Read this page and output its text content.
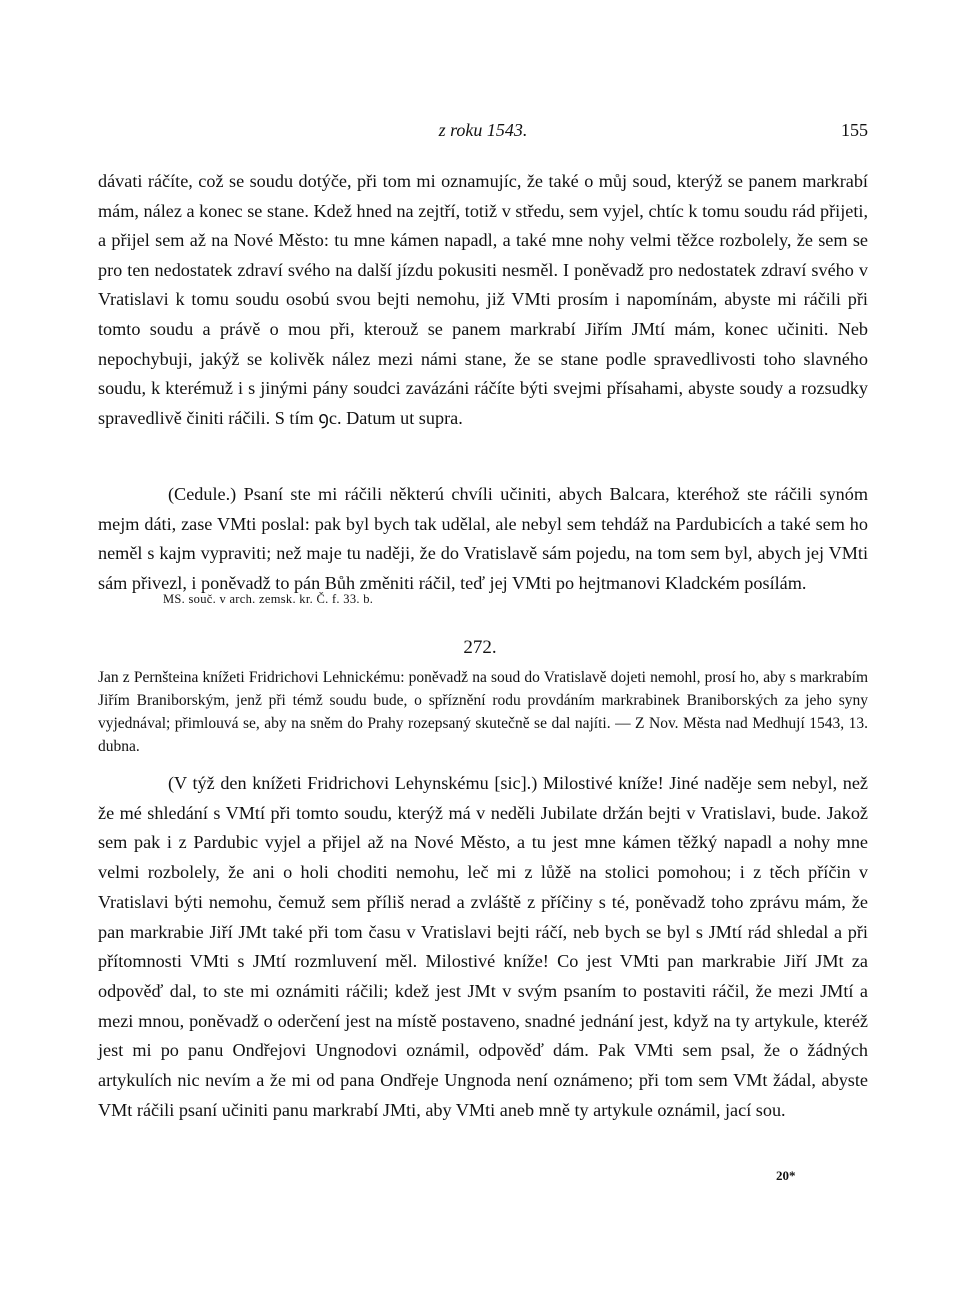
z roku 1543.	155

dávati ráčíte, což se soudu dotýče, při tom mi oznamujíc, že také o můj soud, kterýž se panem markrabí mám, nález a konec se stane. Kdež hned na zejtří, totiž v středu, sem vyjel, chtíc k tomu soudu rád přijeti, a přijel sem až na Nové Město: tu mne kámen napadl, a také mne nohy velmi těžce rozbolely, že sem se pro ten nedostatek zdraví svého na další jízdu pokusiti nesměl. I poněvadž pro nedostatek zdraví svého v Vratislavi k tomu soudu osobú svou bejti nemohu, již VMti prosím i napomínám, abyste mi ráčili při tomto soudu a právě o mou při, kterouž se panem markrabí Jiřím JMtí mám, konec učiniti. Neb nepochybuji, jakýž se kolivěk nález mezi námi stane, že se stane podle spravedlivosti toho slavného soudu, k kterémuž i s jinými pány soudci zavázáni ráčíte býti svejmi přísahami, abyste soudy a rozsudky spravedlivě činiti ráčili. S tím ꝯc. Datum ut supra.

(Cedule.) Psaní ste mi ráčili některú chvíli učiniti, abych Balcara, kteréhož ste ráčili synóm mejm dáti, zase VMti poslal: pak byl bych tak udělal, ale nebyl sem tehdáž na Pardubicích a také sem ho neměl s kajm vypraviti; než maje tu naději, že do Vratislavě sám pojedu, na tom sem byl, abych jej VMti sám přivezl, i poněvadž to pán Bůh změniti ráčil, teď jej VMti po hejtmanovi Kladckém posílám.

MS. souč. v arch. zemsk. kr. Č. f. 33. b.
272.

Jan z Pernšteina knížeti Fridrichovi Lehnickému: poněvadž na soud do Vratislavě dojeti nemohl, prosí ho, aby s markrabím Jiřím Braniborským, jenž při témž soudu bude, o spříznění rodu provdáním markrabinek Braniborských za jeho syny vyjednával; přimlouvá se, aby na sněm do Prahy rozepsaný skutečně se dal najíti. — Z Nov. Města nad Medhují 1543, 13. dubna.

(V týž den knížeti Fridrichovi Lehynskému [sic].) Milostivé kníže! Jiné naděje sem nebyl, než že mé shledání s VMtí při tomto soudu, kterýž má v neděli Jubilate držán bejti v Vratislavi, bude. Jakož sem pak i z Pardubic vyjel a přijel až na Nové Město, a tu jest mne kámen těžký napadl a nohy mne velmi rozbolely, že ani o holi choditi nemohu, leč mi z lůžě na stolici pomohou; i z těch příčin v Vratislavi býti nemohu, čemuž sem příliš nerad a zvláště z příčiny s té, poněvadž toho zprávu mám, že pan markrabie Jiří JMt také při tom času v Vratislavi bejti ráčí, neb bych se byl s JMtí rád shledal a při přítomnosti VMti s JMtí rozmluvení měl. Milostivé kníže! Co jest VMti pan markrabie Jiří JMt za odpověď dal, to ste mi oznámiti ráčili; kdež jest JMt v svým psaním to postaviti ráčil, že mezi JMtí a mezi mnou, poněvadž o oderčení jest na místě postaveno, snadné jednání jest, když na ty artykule, kteréž jest mi po panu Ondřejovi Ungnodovi oznámil, odpověď dám. Pak VMti sem psal, že o žádných artykulích nic nevím a že mi od pana Ondřeje Ungnoda není oznámeno; při tom sem VMt žádal, abyste VMt ráčili psaní učiniti panu markrabí JMti, aby VMti aneb mně ty artykule oznámil, jací sou.

20*
